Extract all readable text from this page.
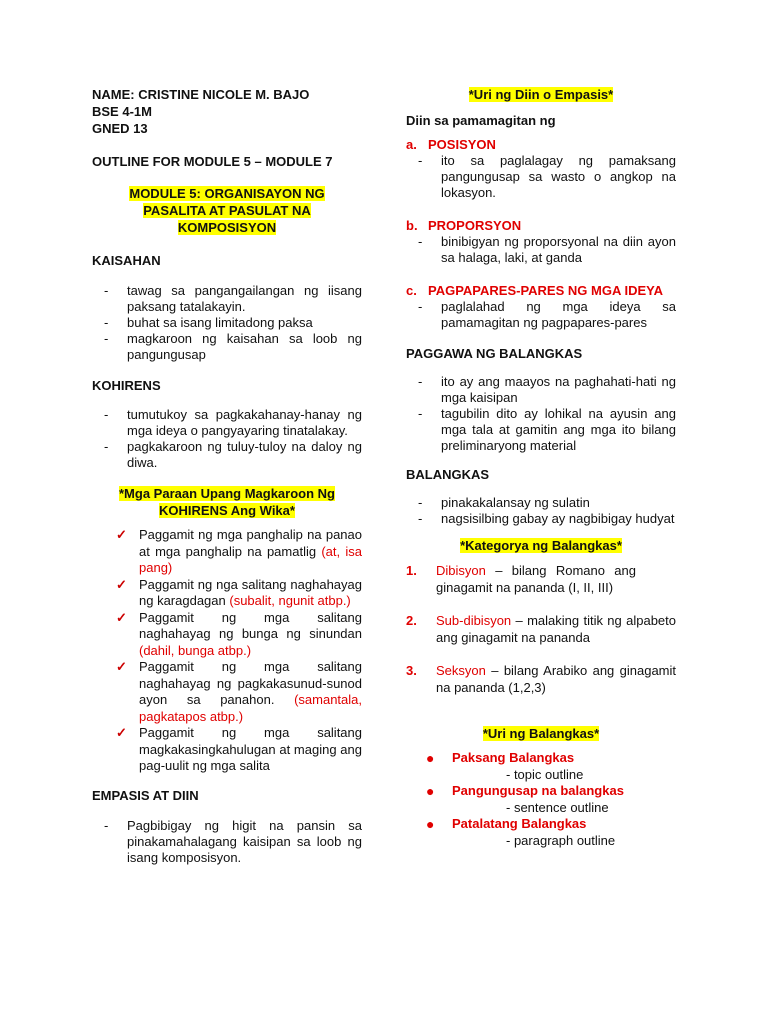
NAME: CRISTINE NICOLE M. BAJO
BSE 4-1M
GNED 13
OUTLINE FOR MODULE 5 – MODULE 7
MODULE 5: ORGANISAYON NG PASALITA AT PASULAT NA KOMPOSISYON
KAISAHAN
- tawag sa pangangailangan ng iisang paksang tatalakayin.
- buhat sa isang limitadong paksa
- magkaroon ng kaisahan sa loob ng pangungusap
KOHIRENS
- tumutukoy sa pagkakahanay-hanay ng mga ideya o pangyayaring tinatalakay.
- pagkakaroon ng tuluy-tuloy na daloy ng diwa.
*Mga Paraan Upang Magkaroon Ng KOHIRENS Ang Wika*
✓ Paggamit ng mga panghalip na panao at mga panghalip na pamatlig (at, isa pang)
✓ Paggamit ng nga salitang naghahayag ng karagdagan (subalit, ngunit atbp.)
✓ Paggamit ng mga salitang naghahayag ng bunga ng sinundan (dahil, bunga atbp.)
✓ Paggamit ng mga salitang naghahayag ng pagkakasunud-sunod ayon sa panahon. (samantala, pagkatapos atbp.)
✓ Paggamit ng mga salitang magkakasingkahulugan at maging ang pag-uulit ng mga salita
EMPASIS AT DIIN
- Pagbibigay ng higit na pansin sa pinakamahalagang kaisipan sa loob ng isang komposisyon.
*Uri ng Diin o Empasis*
Diin sa pamamagitan ng
a. POSISYON
- ito sa paglalagay ng pamaksang pangungusap sa wasto o angkop na lokasyon.
b. PROPORSYON
- binibigyan ng proporsyonal na diin ayon sa halaga, laki, at ganda
c. PAGPAPARES-PARES NG MGA IDEYA
- paglalahad ng mga ideya sa pamamagitan ng pagpapares-pares
PAGGAWA NG BALANGKAS
- ito ay ang maayos na paghahati-hati ng mga kaisipan
- tagubilin dito ay lohikal na ayusin ang mga tala at gamitin ang mga ito bilang preliminaryong material
BALANGKAS
- pinakakalansay ng sulatin
- nagsisilbing gabay ay nagbibigay hudyat
*Kategorya ng Balangkas*
1.	Dibisyon – bilang Romano ang ginagamit na pananda (I, II, III)
2.	Sub-dibisyon – malaking titik ng alpabeto ang ginagamit na pananda
3.	Seksyon – bilang Arabiko ang ginagamit na pananda (1,2,3)
*Uri ng Balangkas*
●	Paksang Balangkas
- topic outline
●	Pangungusap na balangkas
- sentence outline
●	Patalatang Balangkas
- paragraph outline
